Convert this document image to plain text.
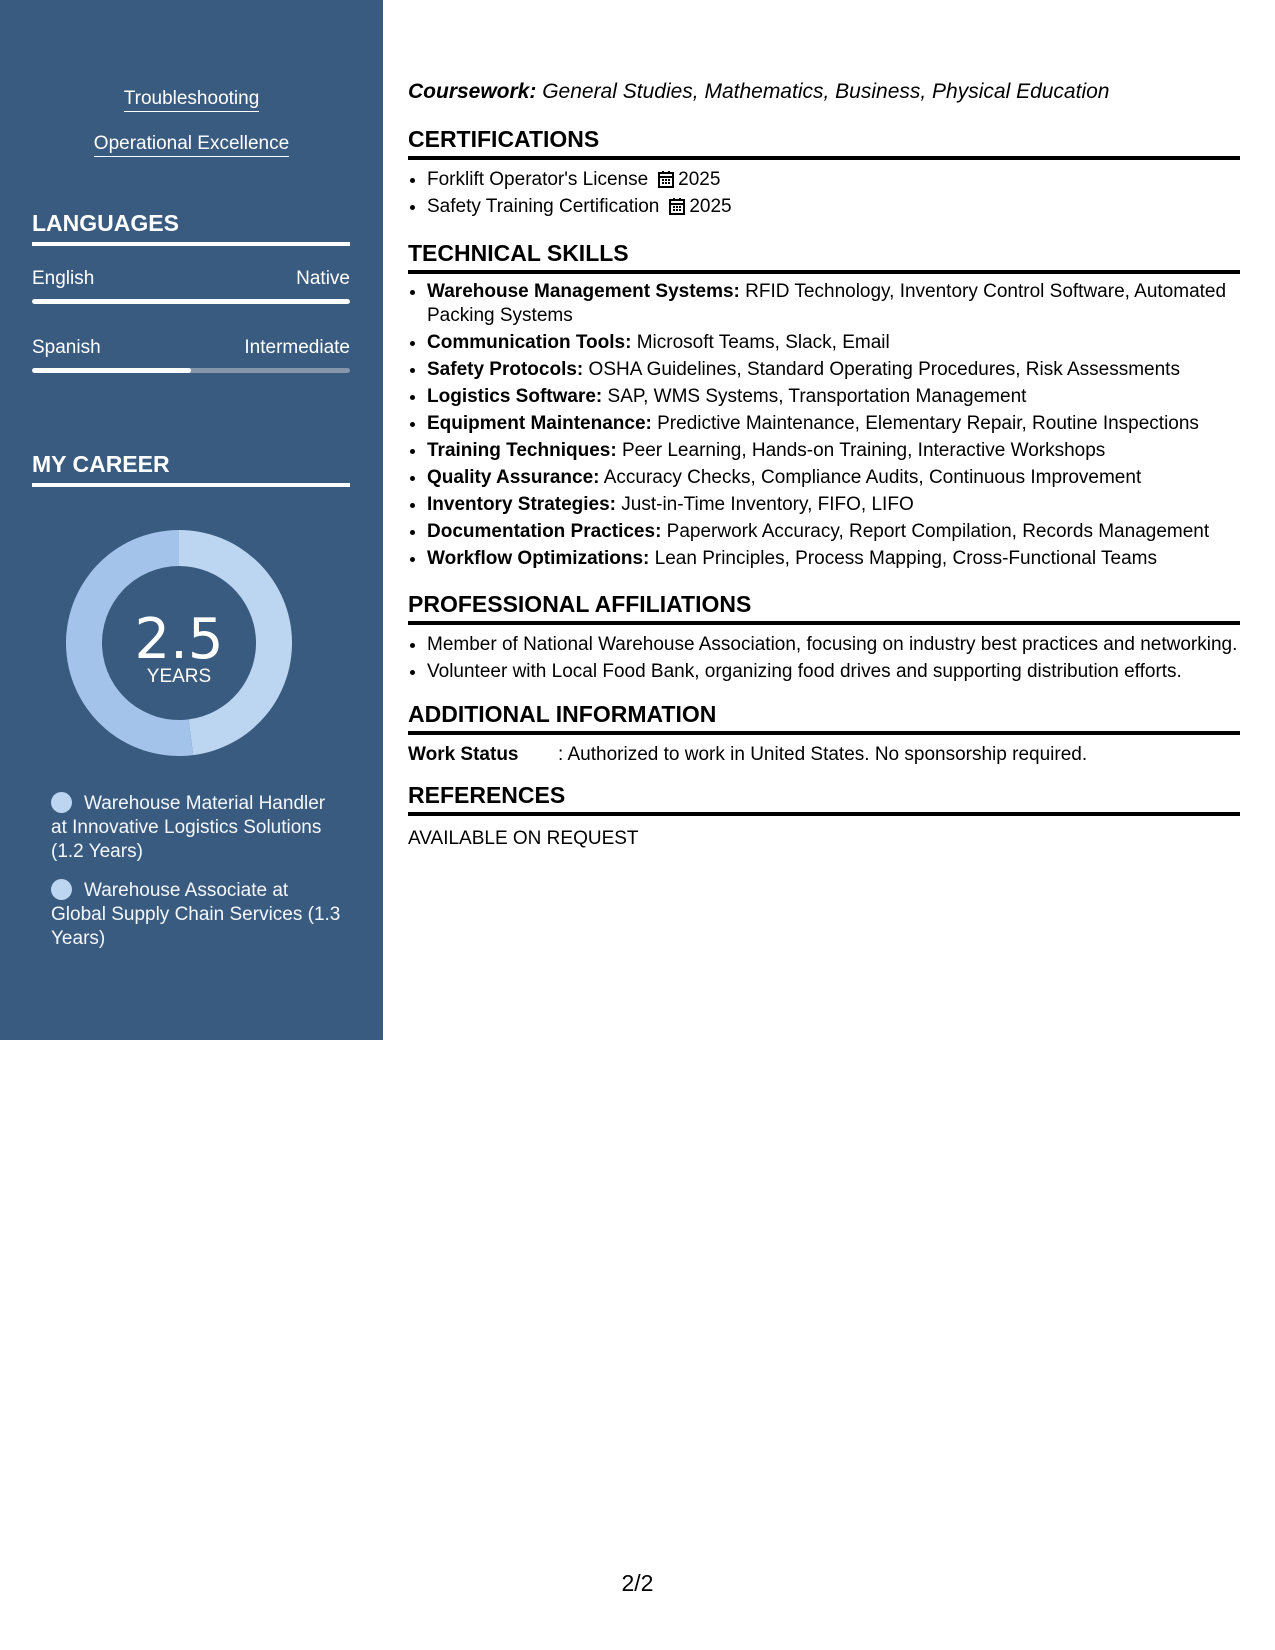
Troubleshooting
Operational Excellence
LANGUAGES
English	Native
Spanish	Intermediate
MY CAREER
2.5
YEARS
Warehouse Material Handler at Innovative Logistics Solutions (1.2 Years)
Warehouse Associate at Global Supply Chain Services (1.3 Years)
Coursework: General Studies, Mathematics, Business, Physical Education
CERTIFICATIONS
• Forklift Operator's License 2025
• Safety Training Certification 2025
TECHNICAL SKILLS
• Warehouse Management Systems: RFID Technology, Inventory Control Software, Automated Packing Systems
• Communication Tools: Microsoft Teams, Slack, Email
• Safety Protocols: OSHA Guidelines, Standard Operating Procedures, Risk Assessments
• Logistics Software: SAP, WMS Systems, Transportation Management
• Equipment Maintenance: Predictive Maintenance, Elementary Repair, Routine Inspections
• Training Techniques: Peer Learning, Hands-on Training, Interactive Workshops
• Quality Assurance: Accuracy Checks, Compliance Audits, Continuous Improvement
• Inventory Strategies: Just-in-Time Inventory, FIFO, LIFO
• Documentation Practices: Paperwork Accuracy, Report Compilation, Records Management
• Workflow Optimizations: Lean Principles, Process Mapping, Cross-Functional Teams
PROFESSIONAL AFFILIATIONS
• Member of National Warehouse Association, focusing on industry best practices and networking.
• Volunteer with Local Food Bank, organizing food drives and supporting distribution efforts.
ADDITIONAL INFORMATION
Work Status : Authorized to work in United States. No sponsorship required.
REFERENCES
AVAILABLE ON REQUEST
2/2
